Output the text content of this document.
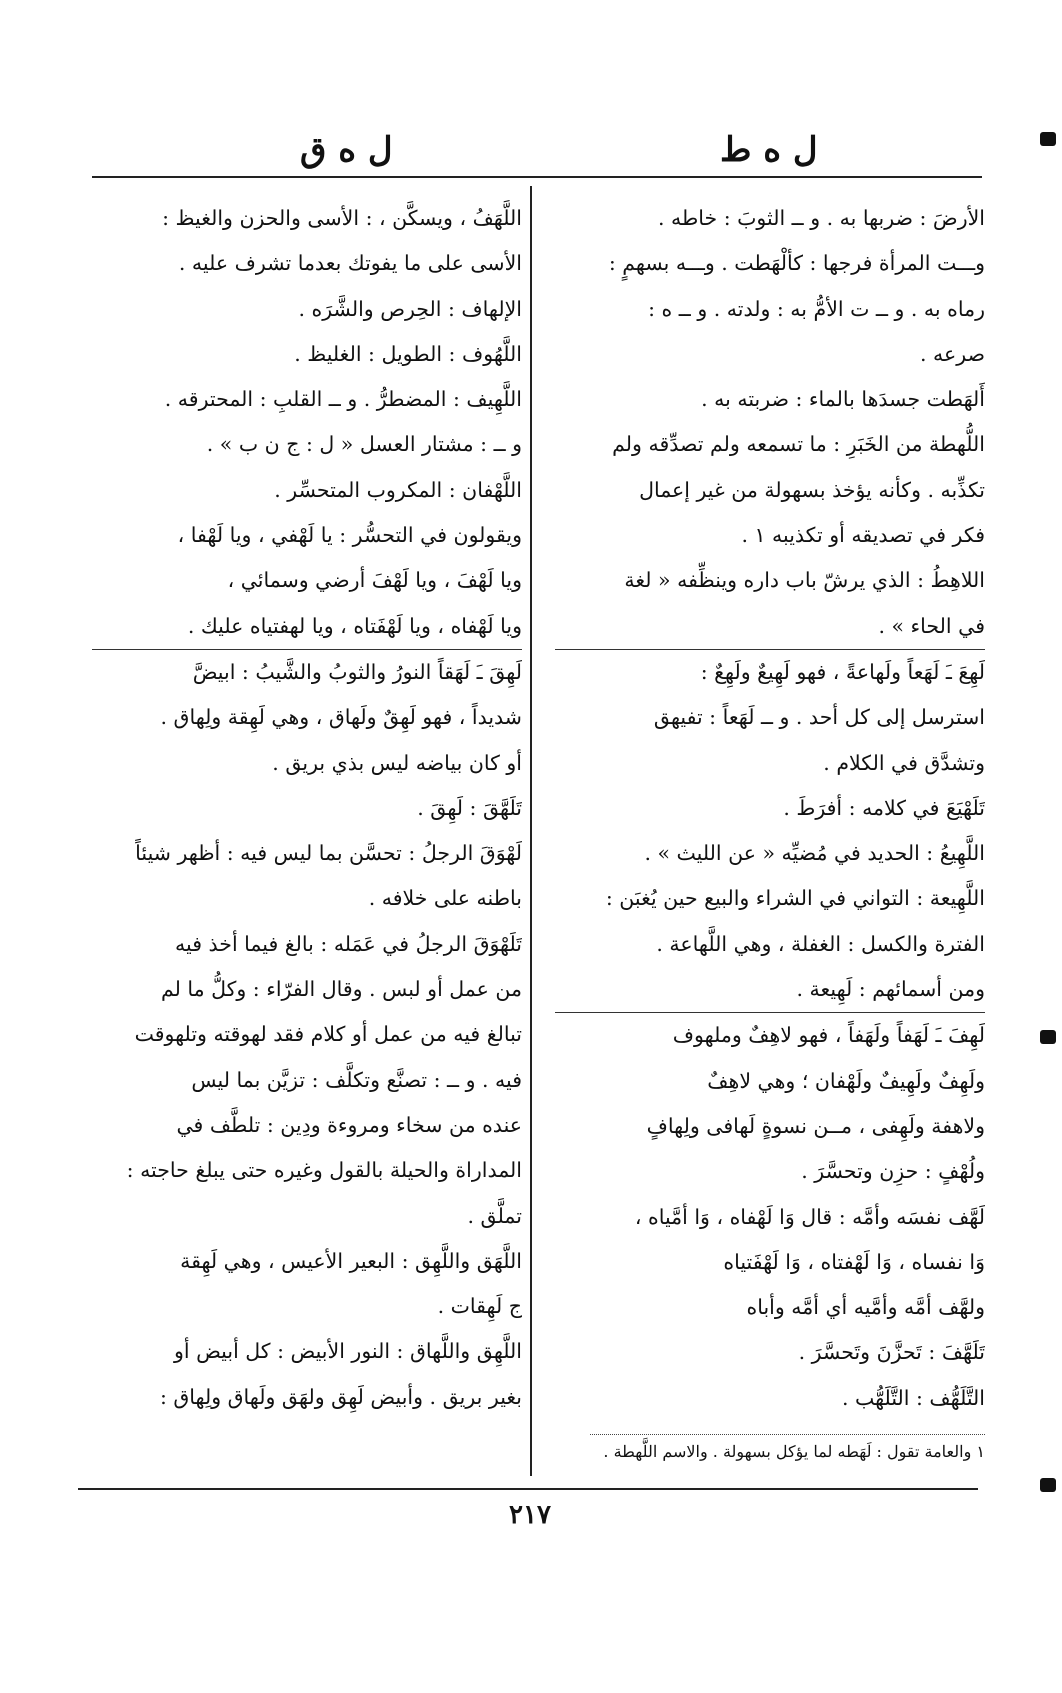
ل ه ط
ل ه ق
الأرضَ : ضربها به . و ــ الثوبَ : خاطه .
وـــت المرأة فرجها : كألْهَطت . وـــه بسهمٍ :
رماه به . و ــ ت الأمُّ به : ولدته . و ــ ه :
صرعه .
أَلهَطت جسدَها بالماء : ضربته به .
اللُّهطة من الخَبَرِ : ما تسمعه ولم تصدِّقه ولم
تكذِّبه . وكأنه يؤخذ بسهولة من غير إعمال
فكر في تصديقه أو تكذيبه ١ .
اللاهِطُ : الذي يرشّ باب داره وينظِّفه « لغة
في الحاء » .
لَهِعَ ـَ لَهَعاً ولَهاعةً ، فهو لَهِيعٌ ولَهِعٌ :
استرسل إلى كل أحد . و ــ لَهَعاً : تفيهق
وتشدَّق في الكلام .
تَلَهْيَعَ في كلامه : أفرَطَ .
اللَّهِيعُ : الحديد في مُضيِّه « عن الليث » .
اللَّهِيعة : التواني في الشراء والبيع حين يُغبَن :
الفترة والكسل : الغفلة ، وهي اللَّهاعة .
ومن أسمائهم : لَهِيعة .
لَهِفَ ـَ لَهَفاً ولَهَفاً ، فهو لاهِفٌ وملهوف
ولَهِفٌ ولَهِيفٌ ولَهْفان ؛ وهي لاهِفٌ
ولاهفة ولَهِفى ، مــن نسوةٍ لَهافى ولِهافٍ
ولُهْفٍ : حزِن وتحسَّرَ .
لَهَّف نفسَه وأمَّه : قال وَا لَهْفاه ، وَا أمَّياه ،
وَا نفساه ، وَا لَهْفتاه ، وَا لَهْفَتياه
ولهَّف أمَّه وأمَّيه أي أمَّه وأباه
تَلَهَّفَ : تَحزَّنَ وتَحسَّرَ .
التَّلَهُّف : التَّلَهُّب .
١ والعامة تقول : لَهَطه لما يؤكل بسهولة . والاسم اللَّهطة .
اللَّهَفُ ، ويسكَّن ، : الأسى والحزن والغيظ :
الأسى على ما يفوتك بعدما تشرف عليه .
الإلهاف : الحِرص والشَّرَه .
اللَّهُوف : الطويل : الغليظ .
اللَّهِيف : المضطرُّ . و ــ القلبِ : المحترقه .
و ــ : مشتار العسل « ل : ج ن ب » .
اللَّهْفان : المكروب المتحسِّر .
ويقولون في التحسُّر : يا لَهْفي ، ويا لَهْفا ،
ويا لَهْفَ ، ويا لَهْفَ أرضي وسمائي ،
ويا لَهْفاه ، ويا لَهْفَتاه ، ويا لهفتياه عليك .
لَهِقَ ـَ لَهَقاً النورُ والثوبُ والشَّيبُ : ابيضَّ
شديداً ، فهو لَهِقٌ ولَهاق ، وهي لَهِقة ولِهاق .
أو كان بياضه ليس بذي بريق .
تَلَهَّقَ : لَهِقَ .
لَهْوَقَ الرجلُ : تحسَّن بما ليس فيه : أظهر شيئاً
باطنه على خلافه .
تَلَهْوَقَ الرجلُ في عَمَله : بالغ فيما أخذ فيه
من عمل أو لبس . وقال الفرّاء : وكلُّ ما لم
تبالغ فيه من عمل أو كلام فقد لهوقته وتلهوقت
فيه . و ــ : تصنَّع وتكلَّف : تزيَّن بما ليس
عنده من سخاء ومروءة ودِين : تلطَّف في
المداراة والحيلة بالقول وغيره حتى يبلغ حاجته :
تملَّق .
اللَّهَق واللَّهِق : البعير الأعيس ، وهي لَهِقة
ج لَهِقات .
اللَّهِق واللَّهاق : النور الأبيض : كل أبيض أو
بغير بريق . وأبيض لَهِق ولهَق ولَهاق ولِهاق :
٢١٧
